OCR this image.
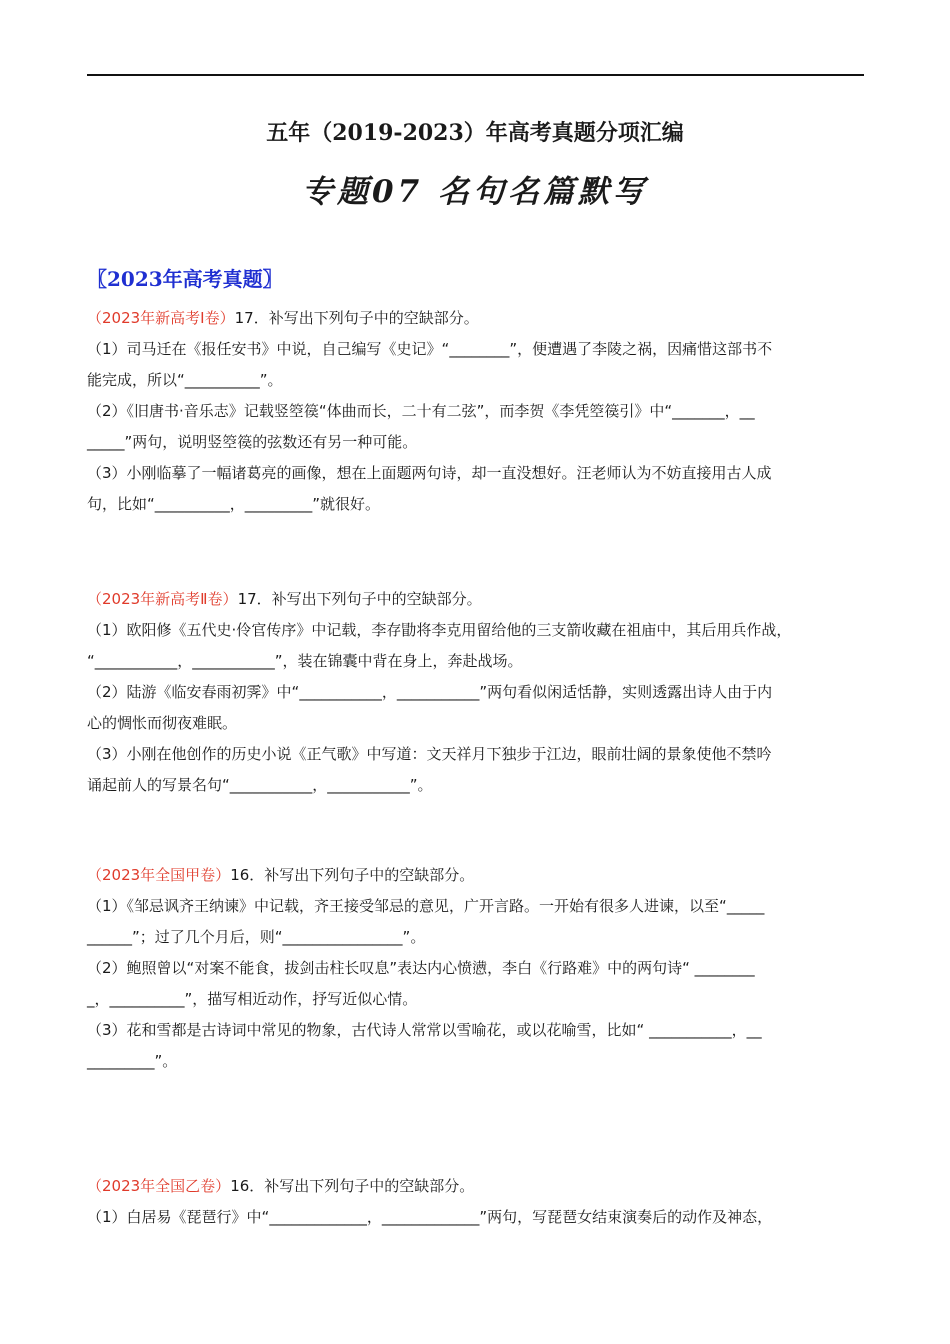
五年（2019-2023）年高考真题分项汇编
专题07 名句名篇默写
〖2023年高考真题〗
（2023年新高考Ⅰ卷）17．补写出下列句子中的空缺部分。
（1）司马迁在《报任安书》中说，自己编写《史记》“________”，便遭遇了李陵之祸，因痛惜这部书不
能完成，所以“__________”。
（2）《旧唐书·音乐志》记载竖箜篌“体曲而长，二十有二弦”，而李贺《李凭箜篌引》中“_______，__
_____”两句，说明竖箜篌的弦数还有另一种可能。
（3）小刚临摹了一幅诸葛亮的画像，想在上面题两句诗，却一直没想好。汪老师认为不妨直接用古人成
句，比如“__________，_________”就很好。
（2023年新高考Ⅱ卷）17．补写出下列句子中的空缺部分。
（1）欧阳修《五代史·伶官传序》中记载，李存勖将李克用留给他的三支箭收藏在祖庙中，其后用兵作战，
“___________，___________”，装在锦囊中背在身上，奔赴战场。
（2）陆游《临安春雨初霁》中“___________，___________”两句看似闲适恬静，实则透露出诗人由于内
心的惆怅而彻夜难眠。
（3）小刚在他创作的历史小说《正气歌》中写道：文天祥月下独步于江边，眼前壮阔的景象使他不禁吟
诵起前人的写景名句“___________，___________”。
（2023年全国甲卷）16．补写出下列句子中的空缺部分。
（1）《邹忌讽齐王纳谏》中记载，齐王接受邹忌的意见，广开言路。一开始有很多人进谏，以至“_____
______”；过了几个月后，则“________________”。
（2）鲍照曾以“对案不能食，拔剑击柱长叹息”表达内心愤懑，李白《行路难》中的两句诗“ ________
_，__________”，描写相近动作，抒写近似心情。
（3）花和雪都是古诗词中常见的物象，古代诗人常常以雪喻花，或以花喻雪，比如“ ___________，__
_________”。
（2023年全国乙卷）16．补写出下列句子中的空缺部分。
（1）白居易《琵琶行》中“_____________，_____________”两句，写琵琶女结束演奏后的动作及神态，
